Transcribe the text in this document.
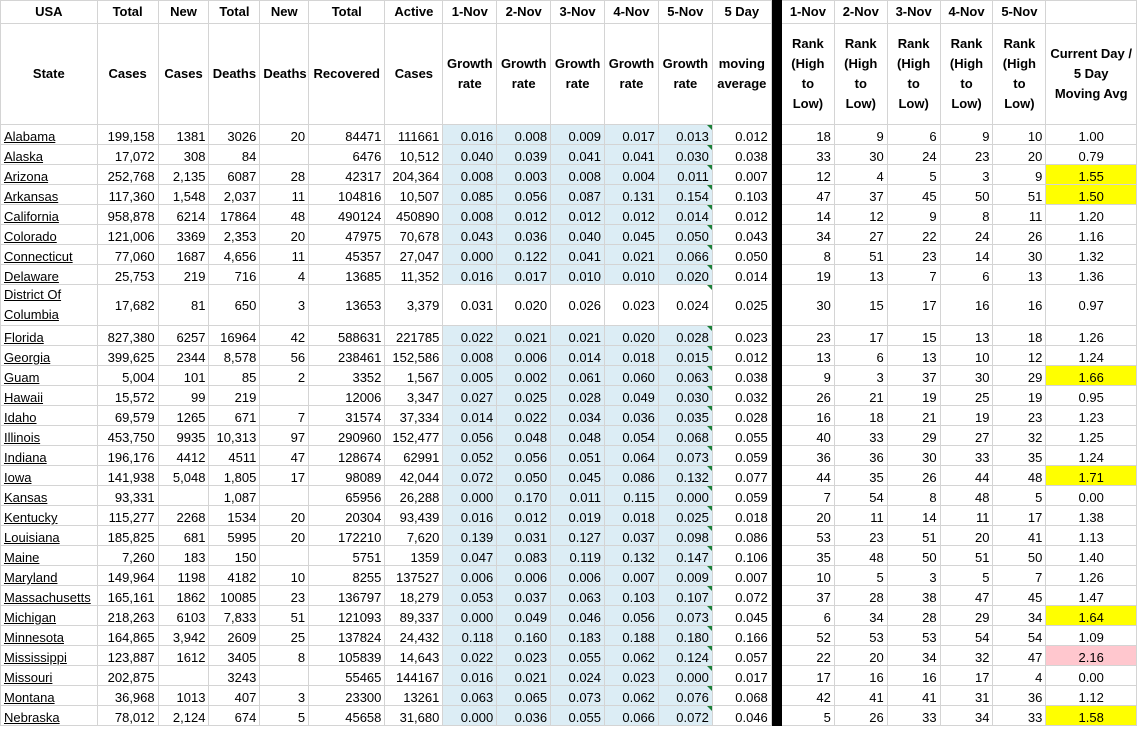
USA	Total	New	Total	New	Total	Active	1-Nov	2-Nov	3-Nov	4-Nov	5-Nov	5 Day		1-Nov	2-Nov	3-Nov	4-Nov	5-Nov	
State	Cases	Cases	Deaths	Deaths	Recovered	Cases	Growth rate	Growth rate	Growth rate	Growth rate	Growth rate	moving average		Rank (High to Low)	Rank (High to Low)	Rank (High to Low)	Rank (High to Low)	Rank (High to Low)	Current Day / 5 Day Moving Avg
Alabama	199,158	1381	3026	20	84471	111661	0.016	0.008	0.009	0.017	0.013	0.012		18	9	6	9	10	1.00
Alaska	17,072	308	84		6476	10,512	0.040	0.039	0.041	0.041	0.030	0.038		33	30	24	23	20	0.79
Arizona	252,768	2,135	6087	28	42317	204,364	0.008	0.003	0.008	0.004	0.011	0.007		12	4	5	3	9	1.55
Arkansas	117,360	1,548	2,037	11	104816	10,507	0.085	0.056	0.087	0.131	0.154	0.103		47	37	45	50	51	1.50
California	958,878	6214	17864	48	490124	450890	0.008	0.012	0.012	0.012	0.014	0.012		14	12	9	8	11	1.20
Colorado	121,006	3369	2,353	20	47975	70,678	0.043	0.036	0.040	0.045	0.050	0.043		34	27	22	24	26	1.16
Connecticut	77,060	1687	4,656	11	45357	27,047	0.000	0.122	0.041	0.021	0.066	0.050		8	51	23	14	30	1.32
Delaware	25,753	219	716	4	13685	11,352	0.016	0.017	0.010	0.010	0.020	0.014		19	13	7	6	13	1.36
District Of Columbia	17,682	81	650	3	13653	3,379	0.031	0.020	0.026	0.023	0.024	0.025		30	15	17	16	16	0.97
Florida	827,380	6257	16964	42	588631	221785	0.022	0.021	0.021	0.020	0.028	0.023		23	17	15	13	18	1.26
Georgia	399,625	2344	8,578	56	238461	152,586	0.008	0.006	0.014	0.018	0.015	0.012		13	6	13	10	12	1.24
Guam	5,004	101	85	2	3352	1,567	0.005	0.002	0.061	0.060	0.063	0.038		9	3	37	30	29	1.66
Hawaii	15,572	99	219		12006	3,347	0.027	0.025	0.028	0.049	0.030	0.032		26	21	19	25	19	0.95
Idaho	69,579	1265	671	7	31574	37,334	0.014	0.022	0.034	0.036	0.035	0.028		16	18	21	19	23	1.23
Illinois	453,750	9935	10,313	97	290960	152,477	0.056	0.048	0.048	0.054	0.068	0.055		40	33	29	27	32	1.25
Indiana	196,176	4412	4511	47	128674	62991	0.052	0.056	0.051	0.064	0.073	0.059		36	36	30	33	35	1.24
Iowa	141,938	5,048	1,805	17	98089	42,044	0.072	0.050	0.045	0.086	0.132	0.077		44	35	26	44	48	1.71
Kansas	93,331		1,087		65956	26,288	0.000	0.170	0.011	0.115	0.000	0.059		7	54	8	48	5	0.00
Kentucky	115,277	2268	1534	20	20304	93,439	0.016	0.012	0.019	0.018	0.025	0.018		20	11	14	11	17	1.38
Louisiana	185,825	681	5995	20	172210	7,620	0.139	0.031	0.127	0.037	0.098	0.086		53	23	51	20	41	1.13
Maine	7,260	183	150		5751	1359	0.047	0.083	0.119	0.132	0.147	0.106		35	48	50	51	50	1.40
Maryland	149,964	1198	4182	10	8255	137527	0.006	0.006	0.006	0.007	0.009	0.007		10	5	3	5	7	1.26
Massachusetts	165,161	1862	10085	23	136797	18,279	0.053	0.037	0.063	0.103	0.107	0.072		37	28	38	47	45	1.47
Michigan	218,263	6103	7,833	51	121093	89,337	0.000	0.049	0.046	0.056	0.073	0.045		6	34	28	29	34	1.64
Minnesota	164,865	3,942	2609	25	137824	24,432	0.118	0.160	0.183	0.188	0.180	0.166		52	53	53	54	54	1.09
Mississippi	123,887	1612	3405	8	105839	14,643	0.022	0.023	0.055	0.062	0.124	0.057		22	20	34	32	47	2.16
Missouri	202,875		3243		55465	144167	0.016	0.021	0.024	0.023	0.000	0.017		17	16	16	17	4	0.00
Montana	36,968	1013	407	3	23300	13261	0.063	0.065	0.073	0.062	0.076	0.068		42	41	41	31	36	1.12
Nebraska	78,012	2,124	674	5	45658	31,680	0.000	0.036	0.055	0.066	0.072	0.046		5	26	33	34	33	1.58
